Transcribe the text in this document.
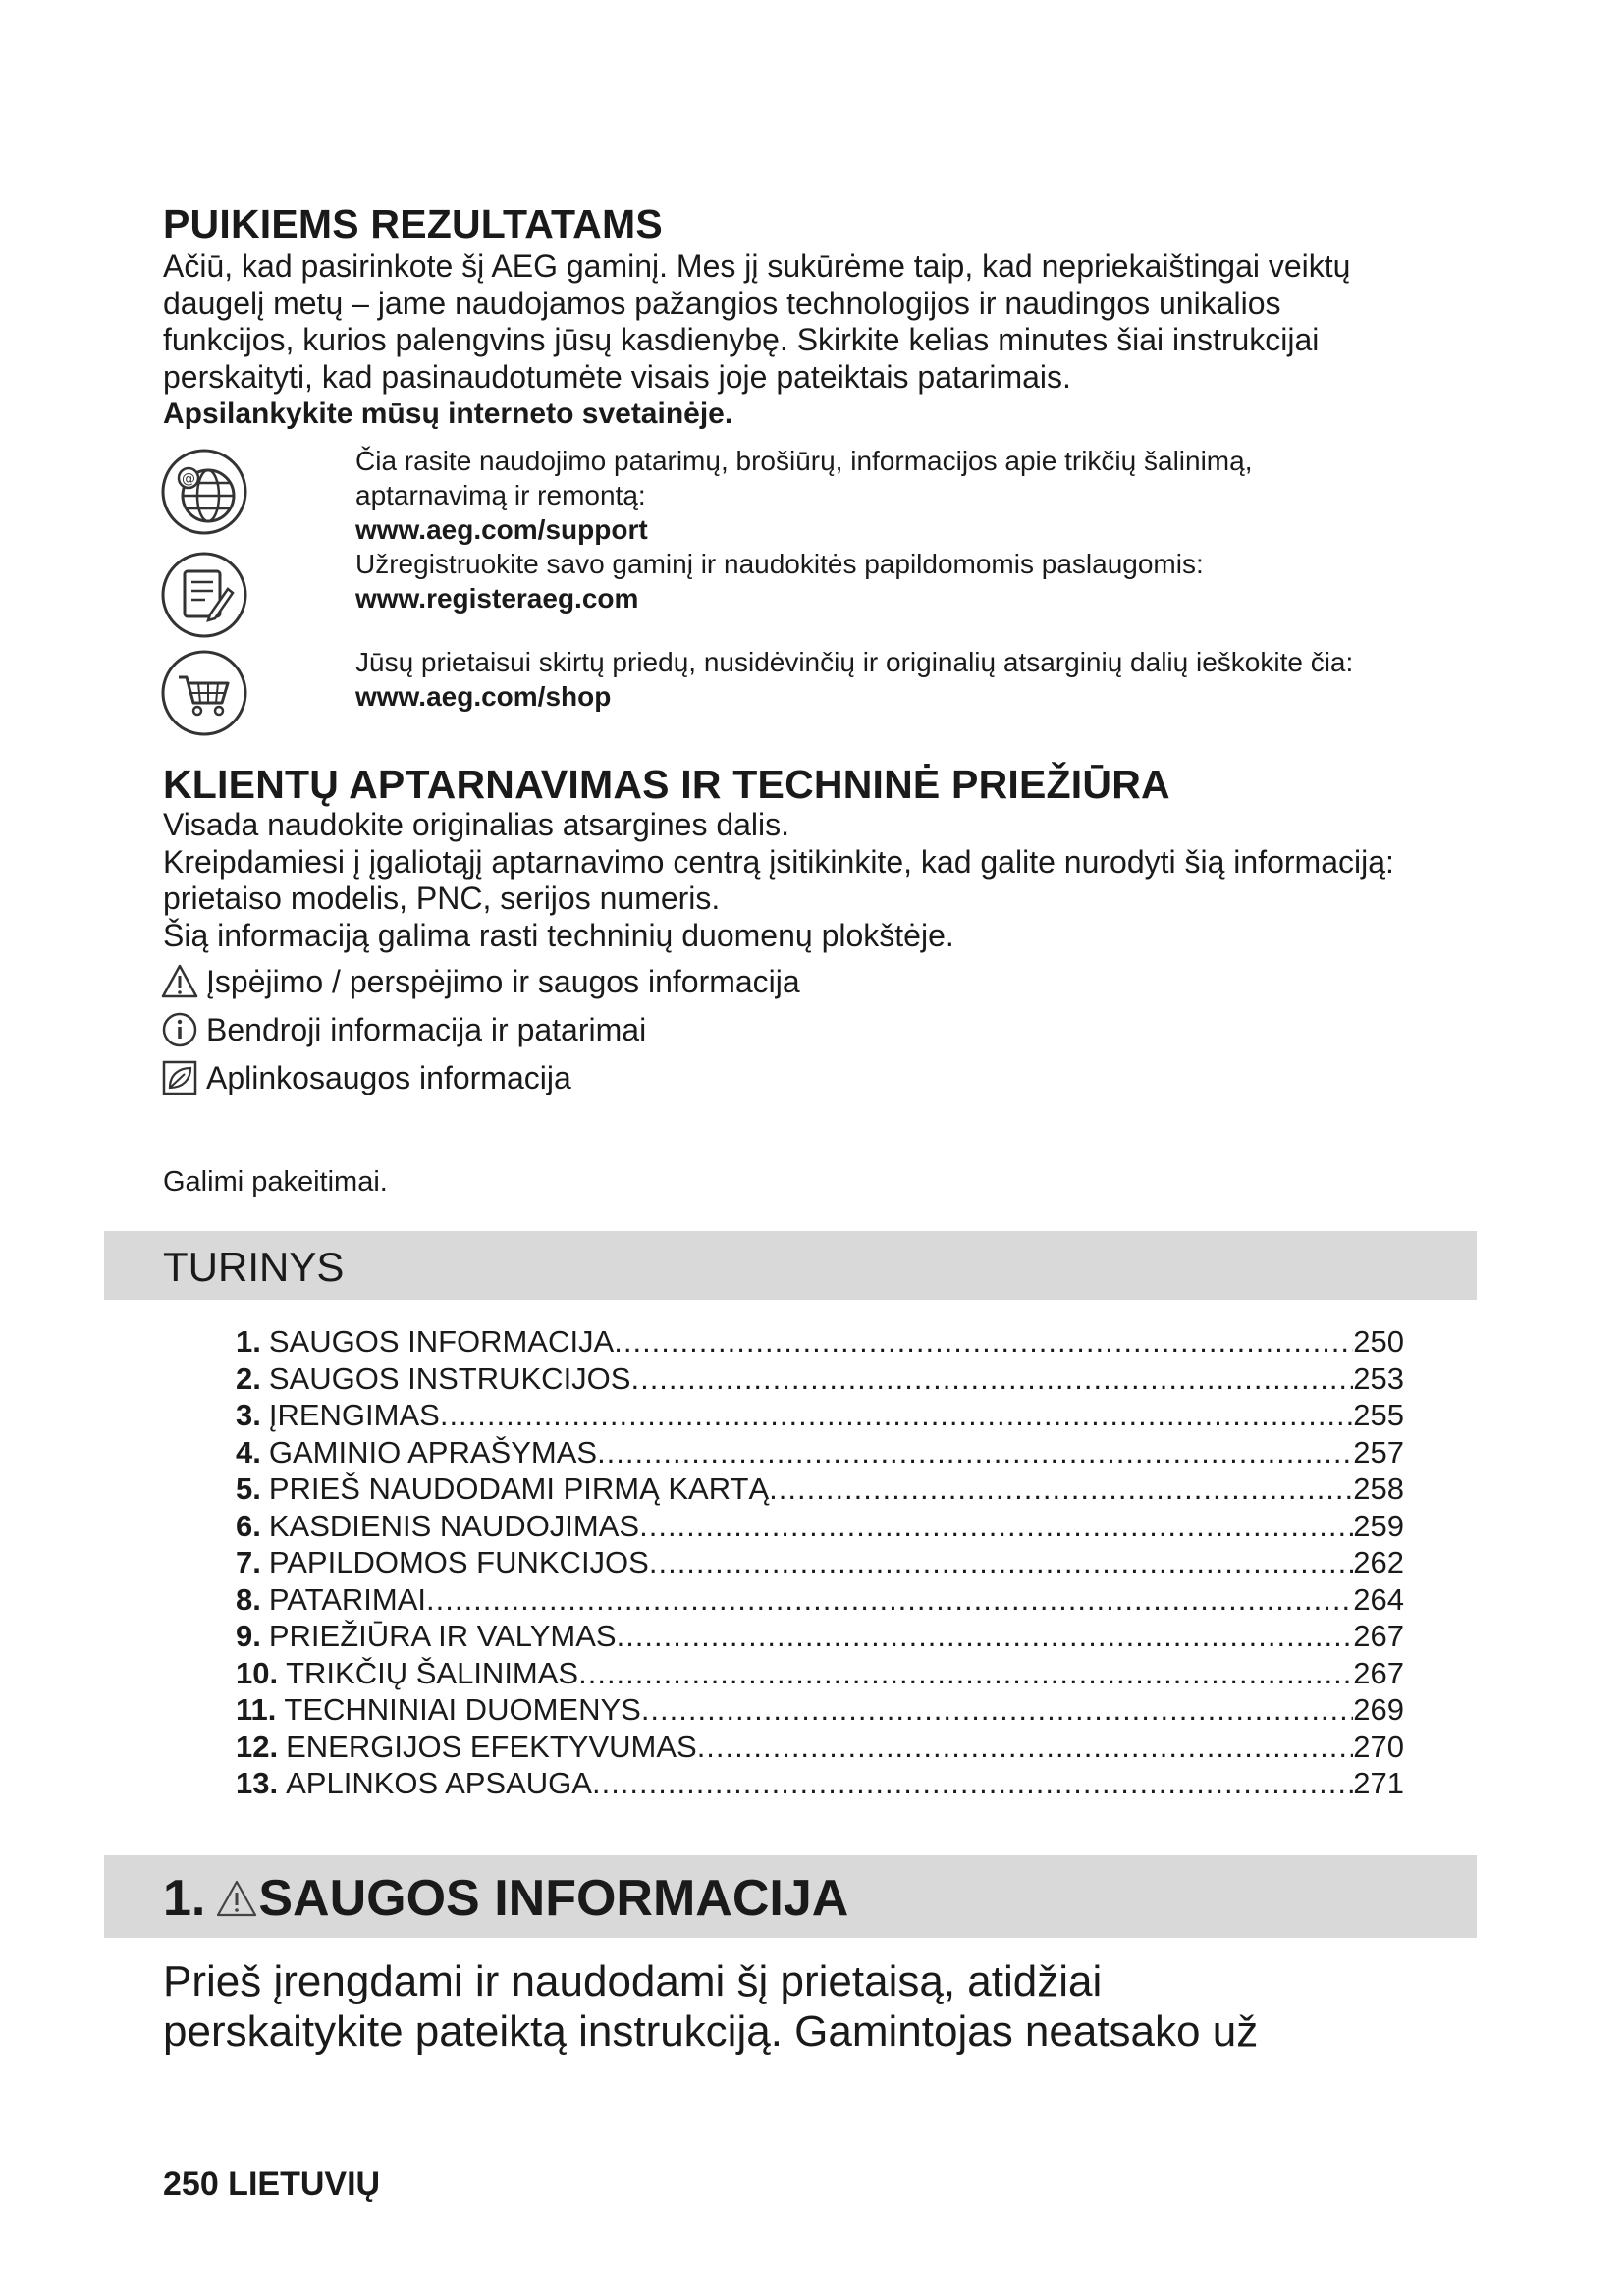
PUIKIEMS REZULTATAMS

Ačiū, kad pasirinkote šį AEG gaminį. Mes jį sukūrėme taip, kad nepriekaištingai veiktų

daugelį metų – jame naudojamos pažangios technologijos ir naudingos unikalios

funkcijos, kurios palengvins jūsų kasdienybę. Skirkite kelias minutes šiai instrukcijai

perskaityti, kad pasinaudotumėte visais joje pateiktais patarimais.

Apsilankykite mūsų interneto svetainėje.
@
Čia rasite naudojimo patarimų, brošiūrų, informacijos apie trikčių šalinimą,
aptarnavimą ir remontą:
www.aeg.com/support
Užregistruokite savo gaminį ir naudokitės papildomomis paslaugomis:
www.registeraeg.com
Jūsų prietaisui skirtų priedų, nusidėvinčių ir originalių atsarginių dalių ieškokite čia:
www.aeg.com/shop
KLIENTŲ APTARNAVIMAS IR TECHNINĖ PRIEŽIŪRA

Visada naudokite originalias atsargines dalis.

Kreipdamiesi į įgaliotąjį aptarnavimo centrą įsitikinkite, kad galite nurodyti šią informaciją:

prietaiso modelis, PNC, serijos numeris.

Šią informaciją galima rasti techninių duomenų plokštėje.

Įspėjimo / perspėjimo ir saugos informacija
Bendroji informacija ir patarimai
Aplinkosaugos informacija
Galimi pakeitimai.
TURINYS
1. SAUGOS INFORMACIJA .....	250
2. SAUGOS INSTRUKCIJOS .....	253
3. ĮRENGIMAS .....	255
4. GAMINIO APRAŠYMAS .....	257
5. PRIEŠ NAUDODAMI PIRMĄ KARTĄ .....	258
6. KASDIENIS NAUDOJIMAS .....	259
7. PAPILDOMOS FUNKCIJOS .....	262
8. PATARIMAI .....	264
9. PRIEŽIŪRA IR VALYMAS .....	267
10. TRIKČIŲ ŠALINIMAS .....	267
11. TECHNINIAI DUOMENYS .....	269
12. ENERGIJOS EFEKTYVUMAS .....	270
13. APLINKOS APSAUGA .....	271
1. SAUGOS INFORMACIJA

Prieš įrengdami ir naudodami šį prietaisą, atidžiai

perskaitykite pateiktą instrukciją. Gamintojas neatsako už

250 LIETUVIŲ
